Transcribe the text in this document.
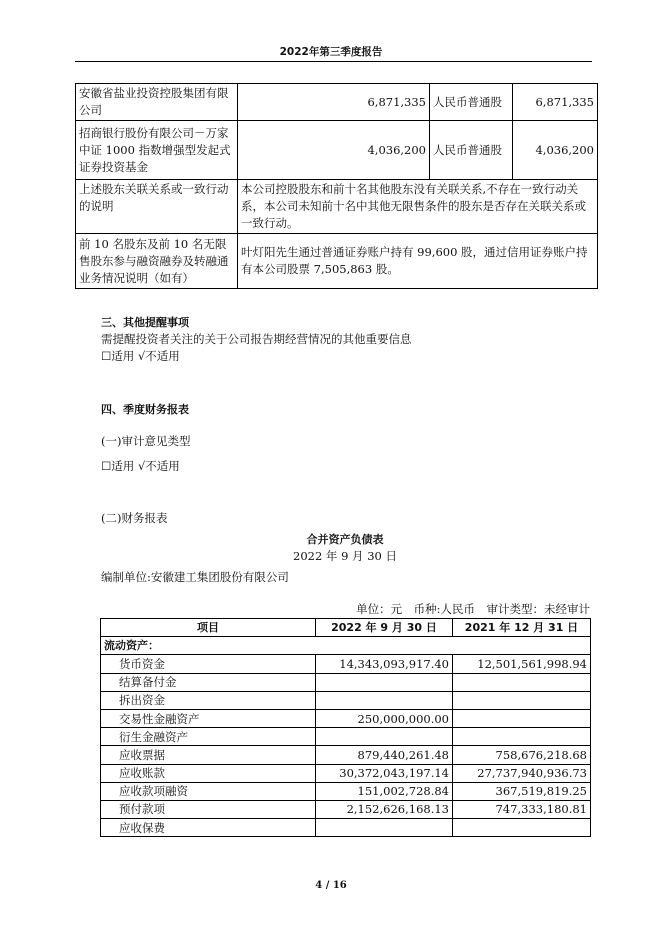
2022年第三季度报告
安徽省盐业投资控股集团有限公司	6,871,335	人民币普通股	6,871,335
招商银行股份有限公司－万家中证 1000 指数增强型发起式证券投资基金	4,036,200	人民币普通股	4,036,200
上述股东关联关系或一致行动的说明	本公司控股股东和前十名其他股东没有关联关系,不存在一致行动关系，本公司未知前十名中其他无限售条件的股东是否存在关联关系或一致行动。		
前 10 名股东及前 10 名无限售股东参与融资融券及转融通业务情况说明（如有）	叶灯阳先生通过普通证券账户持有 99,600 股，通过信用证券账户持有本公司股票 7,505,863 股。		
三、其他提醒事项
需提醒投资者关注的关于公司报告期经营情况的其他重要信息
☐适用 √不适用
四、季度财务报表
(一)审计意见类型
☐适用 √不适用
(二)财务报表
合并资产负债表
2022 年 9 月 30 日
编制单位:安徽建工集团股份有限公司
单位：元　币种:人民币　审计类型：未经审计
项目	2022 年 9 月 30 日	2021 年 12 月 31 日
流动资产：		
货币资金	14,343,093,917.40	12,501,561,998.94
结算备付金		
拆出资金		
交易性金融资产	250,000,000.00	
衍生金融资产		
应收票据	879,440,261.48	758,676,218.68
应收账款	30,372,043,197.14	27,737,940,936.73
应收款项融资	151,002,728.84	367,519,819.25
预付款项	2,152,626,168.13	747,333,180.81
应收保费		
4 / 16
